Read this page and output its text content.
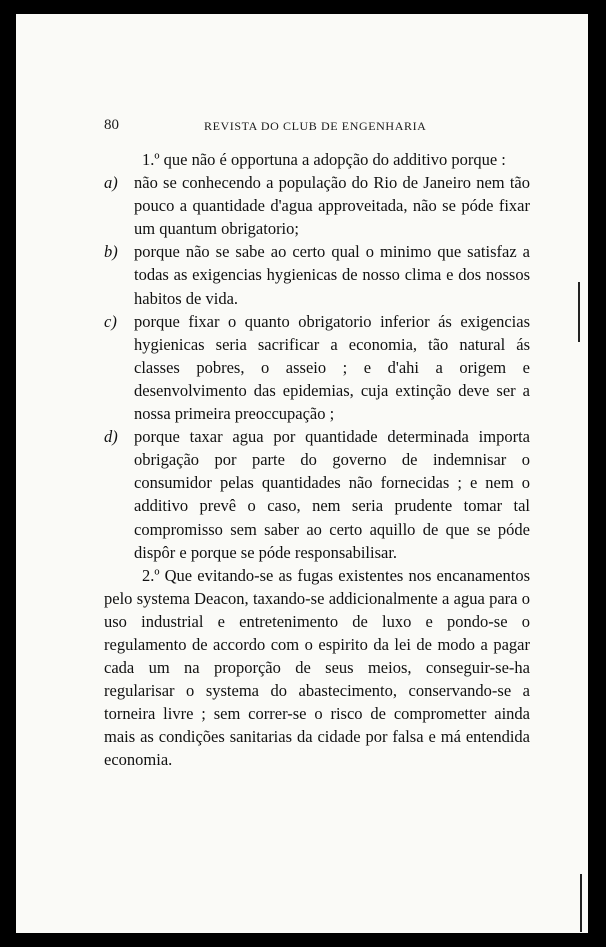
80	REVISTA DO CLUB DE ENGENHARIA

1.º que não é opportuna a adopção do additivo porque :

a) não se conhecendo a população do Rio de Janeiro nem tão pouco a quantidade d'agua approveitada, não se póde fixar um quantum obrigatorio;
b) porque não se sabe ao certo qual o minimo que satisfaz a todas as exigencias hygienicas de nosso clima e dos nossos habitos de vida.
c)	porque fixar o quanto obrigatorio inferior ás exigencias hygienicas seria sacrificar a economia, tão natural ás classes pobres, o asseio ; e d'ahi a origem e desenvolvimento das epidemias, cuja extinção deve ser a nossa primeira preoccupação ;
d) porque taxar agua por quantidade determinada importa obrigação por parte do governo de indemnisar o consumidor pelas quantidades não fornecidas ; e nem o additivo prevê o caso, nem seria prudente tomar tal compromisso sem saber ao certo aquillo de que se póde dispôr e porque se póde responsabilisar.

2.º Que evitando-se as fugas existentes nos encanamentos pelo systema Deacon, taxando-se addicionalmente a agua para o uso industrial e entretenimento de luxo e pondo-se o regulamento de accordo com o espirito da lei de modo a pagar cada um na proporção de seus meios, conseguir-se-ha regularisar o systema do abastecimento, conservando-se a torneira livre ; sem correr-se o risco de comprometter ainda mais as condições sanitarias da cidade por falsa e má entendida economia.
